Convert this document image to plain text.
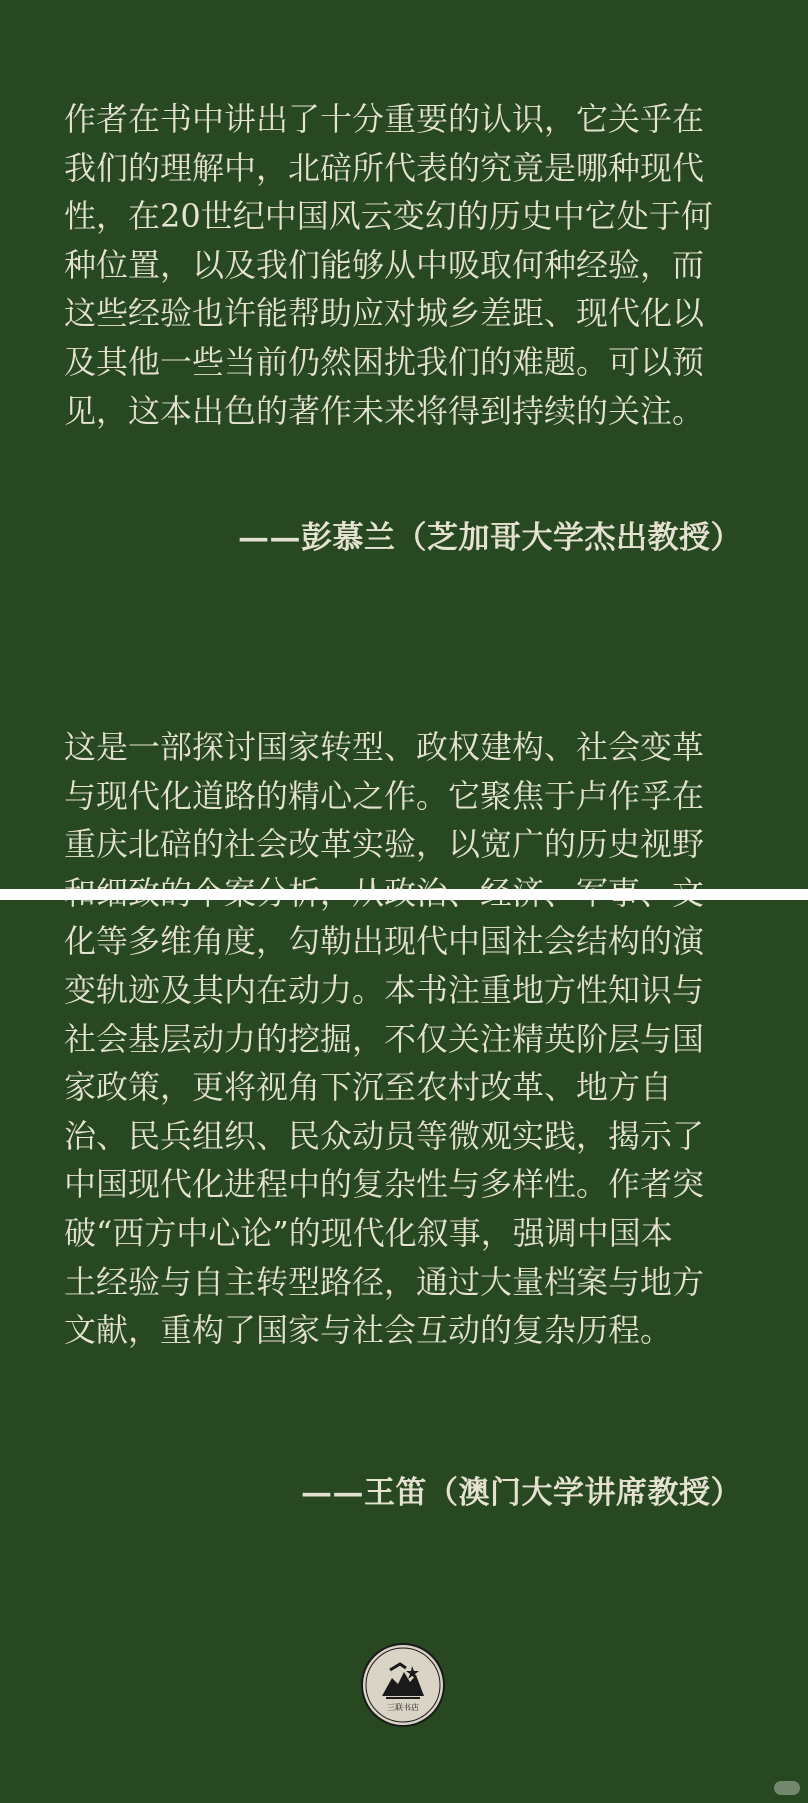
作者在书中讲出了十分重要的认识，它关乎在
我们的理解中，北碚所代表的究竟是哪种现代
性，在20世纪中国风云变幻的历史中它处于何
种位置，以及我们能够从中吸取何种经验，而
这些经验也许能帮助应对城乡差距、现代化以
及其他一些当前仍然困扰我们的难题。可以预
见，这本出色的著作未来将得到持续的关注。
——彭慕兰（芝加哥大学杰出教授）
这是一部探讨国家转型、政权建构、社会变革
与现代化道路的精心之作。它聚焦于卢作孚在
重庆北碚的社会改革实验，以宽广的历史视野
化等多维角度，勾勒出现代中国社会结构的演
变轨迹及其内在动力。本书注重地方性知识与
社会基层动力的挖掘，不仅关注精英阶层与国
家政策，更将视角下沉至农村改革、地方自
治、民兵组织、民众动员等微观实践，揭示了
中国现代化进程中的复杂性与多样性。作者突
破“西方中心论”的现代化叙事，强调中国本
土经验与自主转型路径，通过大量档案与地方
文献，重构了国家与社会互动的复杂历程。
——王笛（澳门大学讲席教授）
三联书店
